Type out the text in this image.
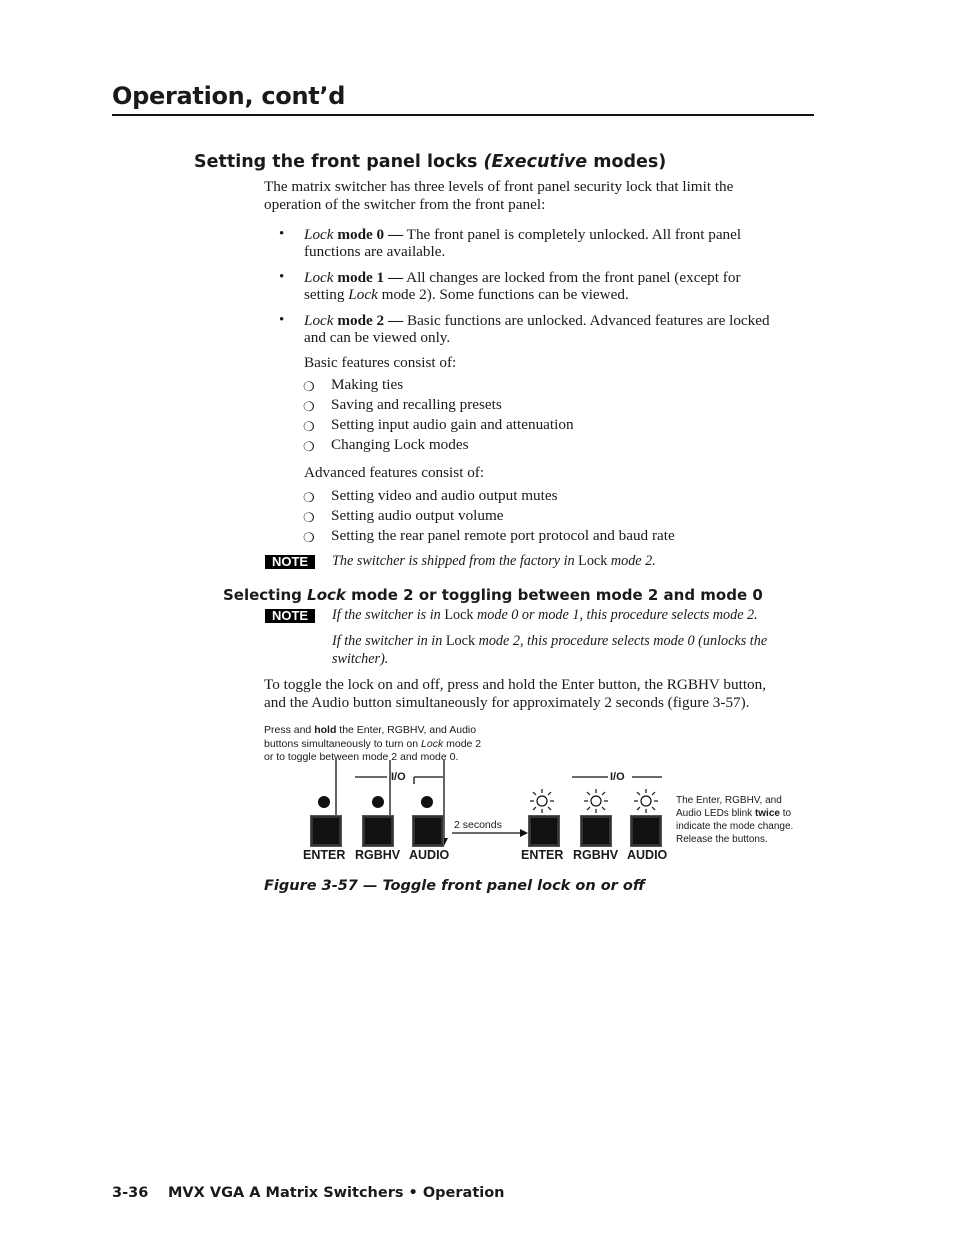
Operation, cont’d
Setting the front panel locks (Executive modes)
The matrix switcher has three levels of front panel security lock that limit the
operation of the switcher from the front panel:
• Lock mode 0 — The front panel is completely unlocked. All front panel
functions are available.
• Lock mode 1 — All changes are locked from the front panel (except for
setting Lock mode 2). Some functions can be viewed.
• Lock mode 2 — Basic functions are unlocked. Advanced features are locked
and can be viewed only.
Basic features consist of:
❍ Making ties
❍ Saving and recalling presets
❍ Setting input audio gain and attenuation
❍ Changing Lock modes
Advanced features consist of:
❍ Setting video and audio output mutes
❍ Setting audio output volume
❍ Setting the rear panel remote port protocol and baud rate
NOTE	The switcher is shipped from the factory in Lock mode 2.
Selecting Lock mode 2 or toggling between mode 2 and mode 0
NOTE	If the switcher is in Lock mode 0 or mode 1, this procedure selects mode 2.
If the switcher in in Lock mode 2, this procedure selects mode 0 (unlocks the
switcher).
To toggle the lock on and off, press and hold the Enter button, the RGBHV button,
and the Audio button simultaneously for approximately 2 seconds (figure 3-57).
Press and hold the Enter, RGBHV, and Audio
buttons simultaneously to turn on Lock mode 2
or to toggle between mode 2 and mode 0.
I/O	I/O
ENTER RGBHV AUDIO
2 seconds
ENTER RGBHV AUDIO
The Enter, RGBHV, and
Audio LEDs blink twice to
indicate the mode change.
Release the buttons.
Figure 3-57 — Toggle front panel lock on or off
3-36 MVX VGA A Matrix Switchers • Operation
